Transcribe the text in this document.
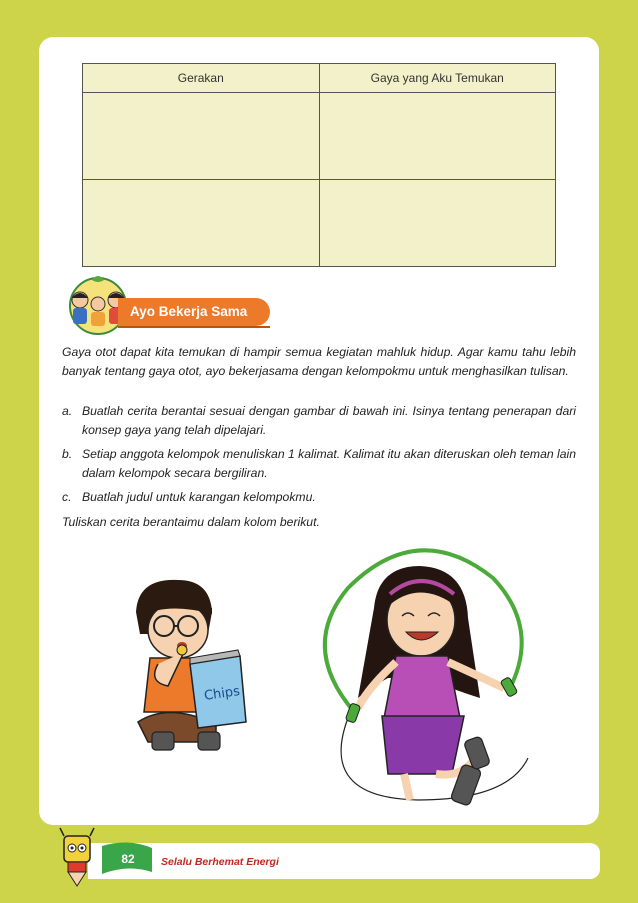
Gerakan	Gaya yang Aku Temukan

Ayo Bekerja Sama
Gaya otot dapat kita temukan di hampir semua kegiatan mahluk hidup. Agar kamu tahu lebih banyak tentang gaya otot, ayo bekerjasama dengan kelompokmu untuk menghasilkan tulisan.
a. Buatlah cerita berantai sesuai dengan gambar di bawah ini. Isinya tentang penerapan dari konsep gaya yang telah dipelajari.
b. Setiap anggota kelompok menuliskan 1 kalimat. Kalimat itu akan diteruskan oleh teman lain dalam kelompok secara bergiliran.
c. Buatlah judul untuk karangan kelompokmu.
Tuliskan cerita berantaimu dalam kolom berikut.
Chips
82	Selalu Berhemat Energi
